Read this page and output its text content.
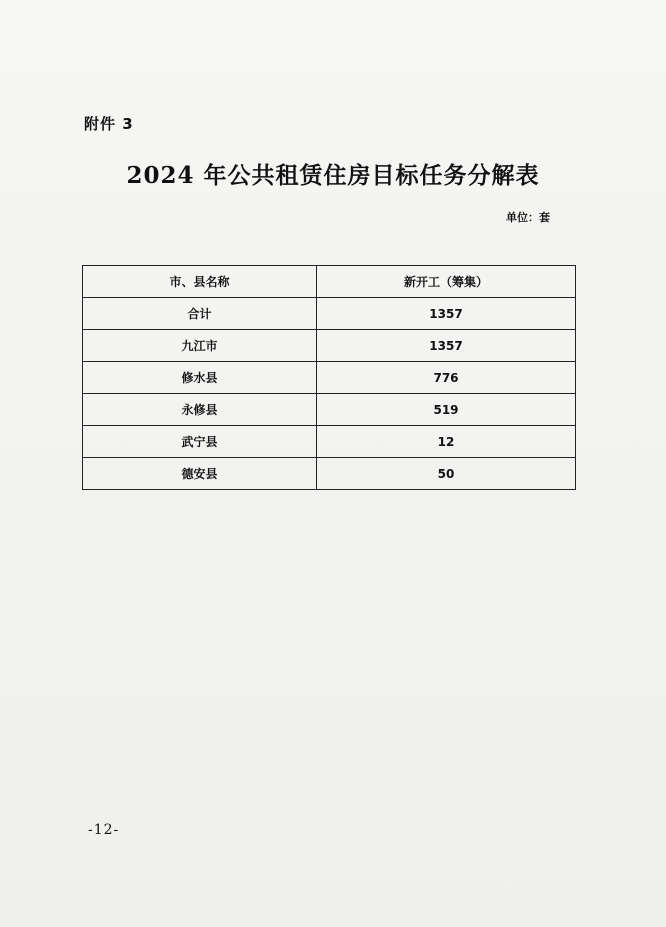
附件 3
2024 年公共租赁住房目标任务分解表
单位：套
市、县名称	新开工（筹集）
合计	1357
九江市	1357
修水县	776
永修县	519
武宁县	12
德安县	50
-12-
